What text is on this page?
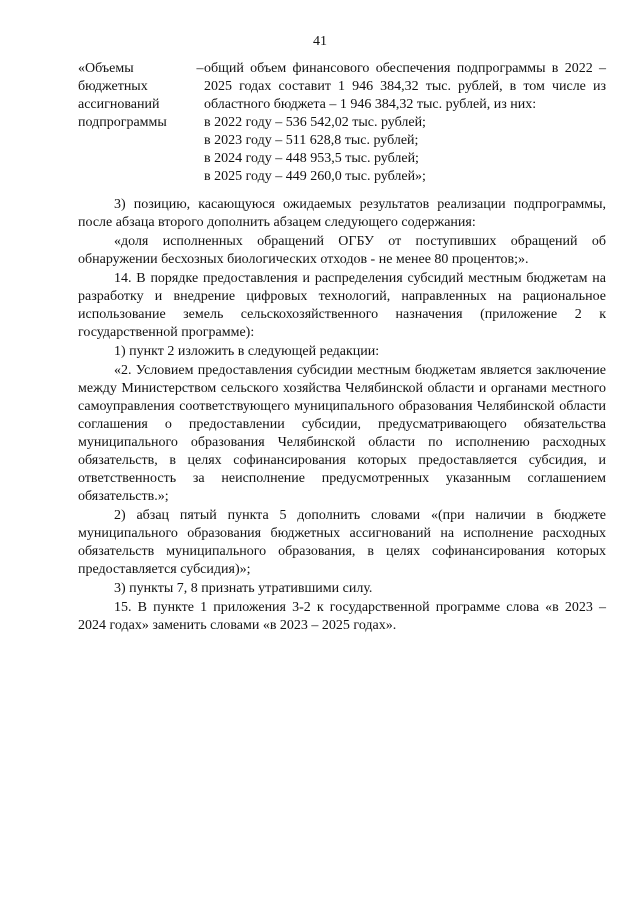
41
«Объемы
бюджетных
ассигнований
подпрограммы
– общий объем финансового обеспечения подпрограммы в 2022 – 2025 годах составит 1 946 384,32 тыс. рублей, в том числе из областного бюджета – 1 946 384,32 тыс. рублей, из них:
в 2022 году – 536 542,02 тыс. рублей;
в 2023 году – 511 628,8 тыс. рублей;
в 2024 году – 448 953,5 тыс. рублей;
в 2025 году – 449 260,0 тыс. рублей»;

3) позицию, касающуюся ожидаемых результатов реализации подпрограммы, после абзаца второго дополнить абзацем следующего содержания:

«доля исполненных обращений ОГБУ от поступивших обращений об обнаружении бесхозных биологических отходов - не менее 80 процентов;».

14. В порядке предоставления и распределения субсидий местным бюджетам на разработку и внедрение цифровых технологий, направленных на рациональное использование земель сельскохозяйственного назначения (приложение 2 к государственной программе):

1) пункт 2 изложить в следующей редакции:

«2. Условием предоставления субсидии местным бюджетам является заключение между Министерством сельского хозяйства Челябинской области и органами местного самоуправления соответствующего муниципального образования Челябинской области соглашения о предоставлении субсидии, предусматривающего обязательства муниципального образования Челябинской области по исполнению расходных обязательств, в целях софинансирования которых предоставляется субсидия, и ответственность за неисполнение предусмотренных указанным соглашением обязательств.»;

2) абзац пятый пункта 5 дополнить словами «(при наличии в бюджете муниципального образования бюджетных ассигнований на исполнение расходных обязательств муниципального образования, в целях софинансирования которых предоставляется субсидия)»;

3) пункты 7, 8 признать утратившими силу.

15. В пункте 1 приложения 3-2 к государственной программе слова «в 2023 – 2024 годах» заменить словами «в 2023 – 2025 годах».
